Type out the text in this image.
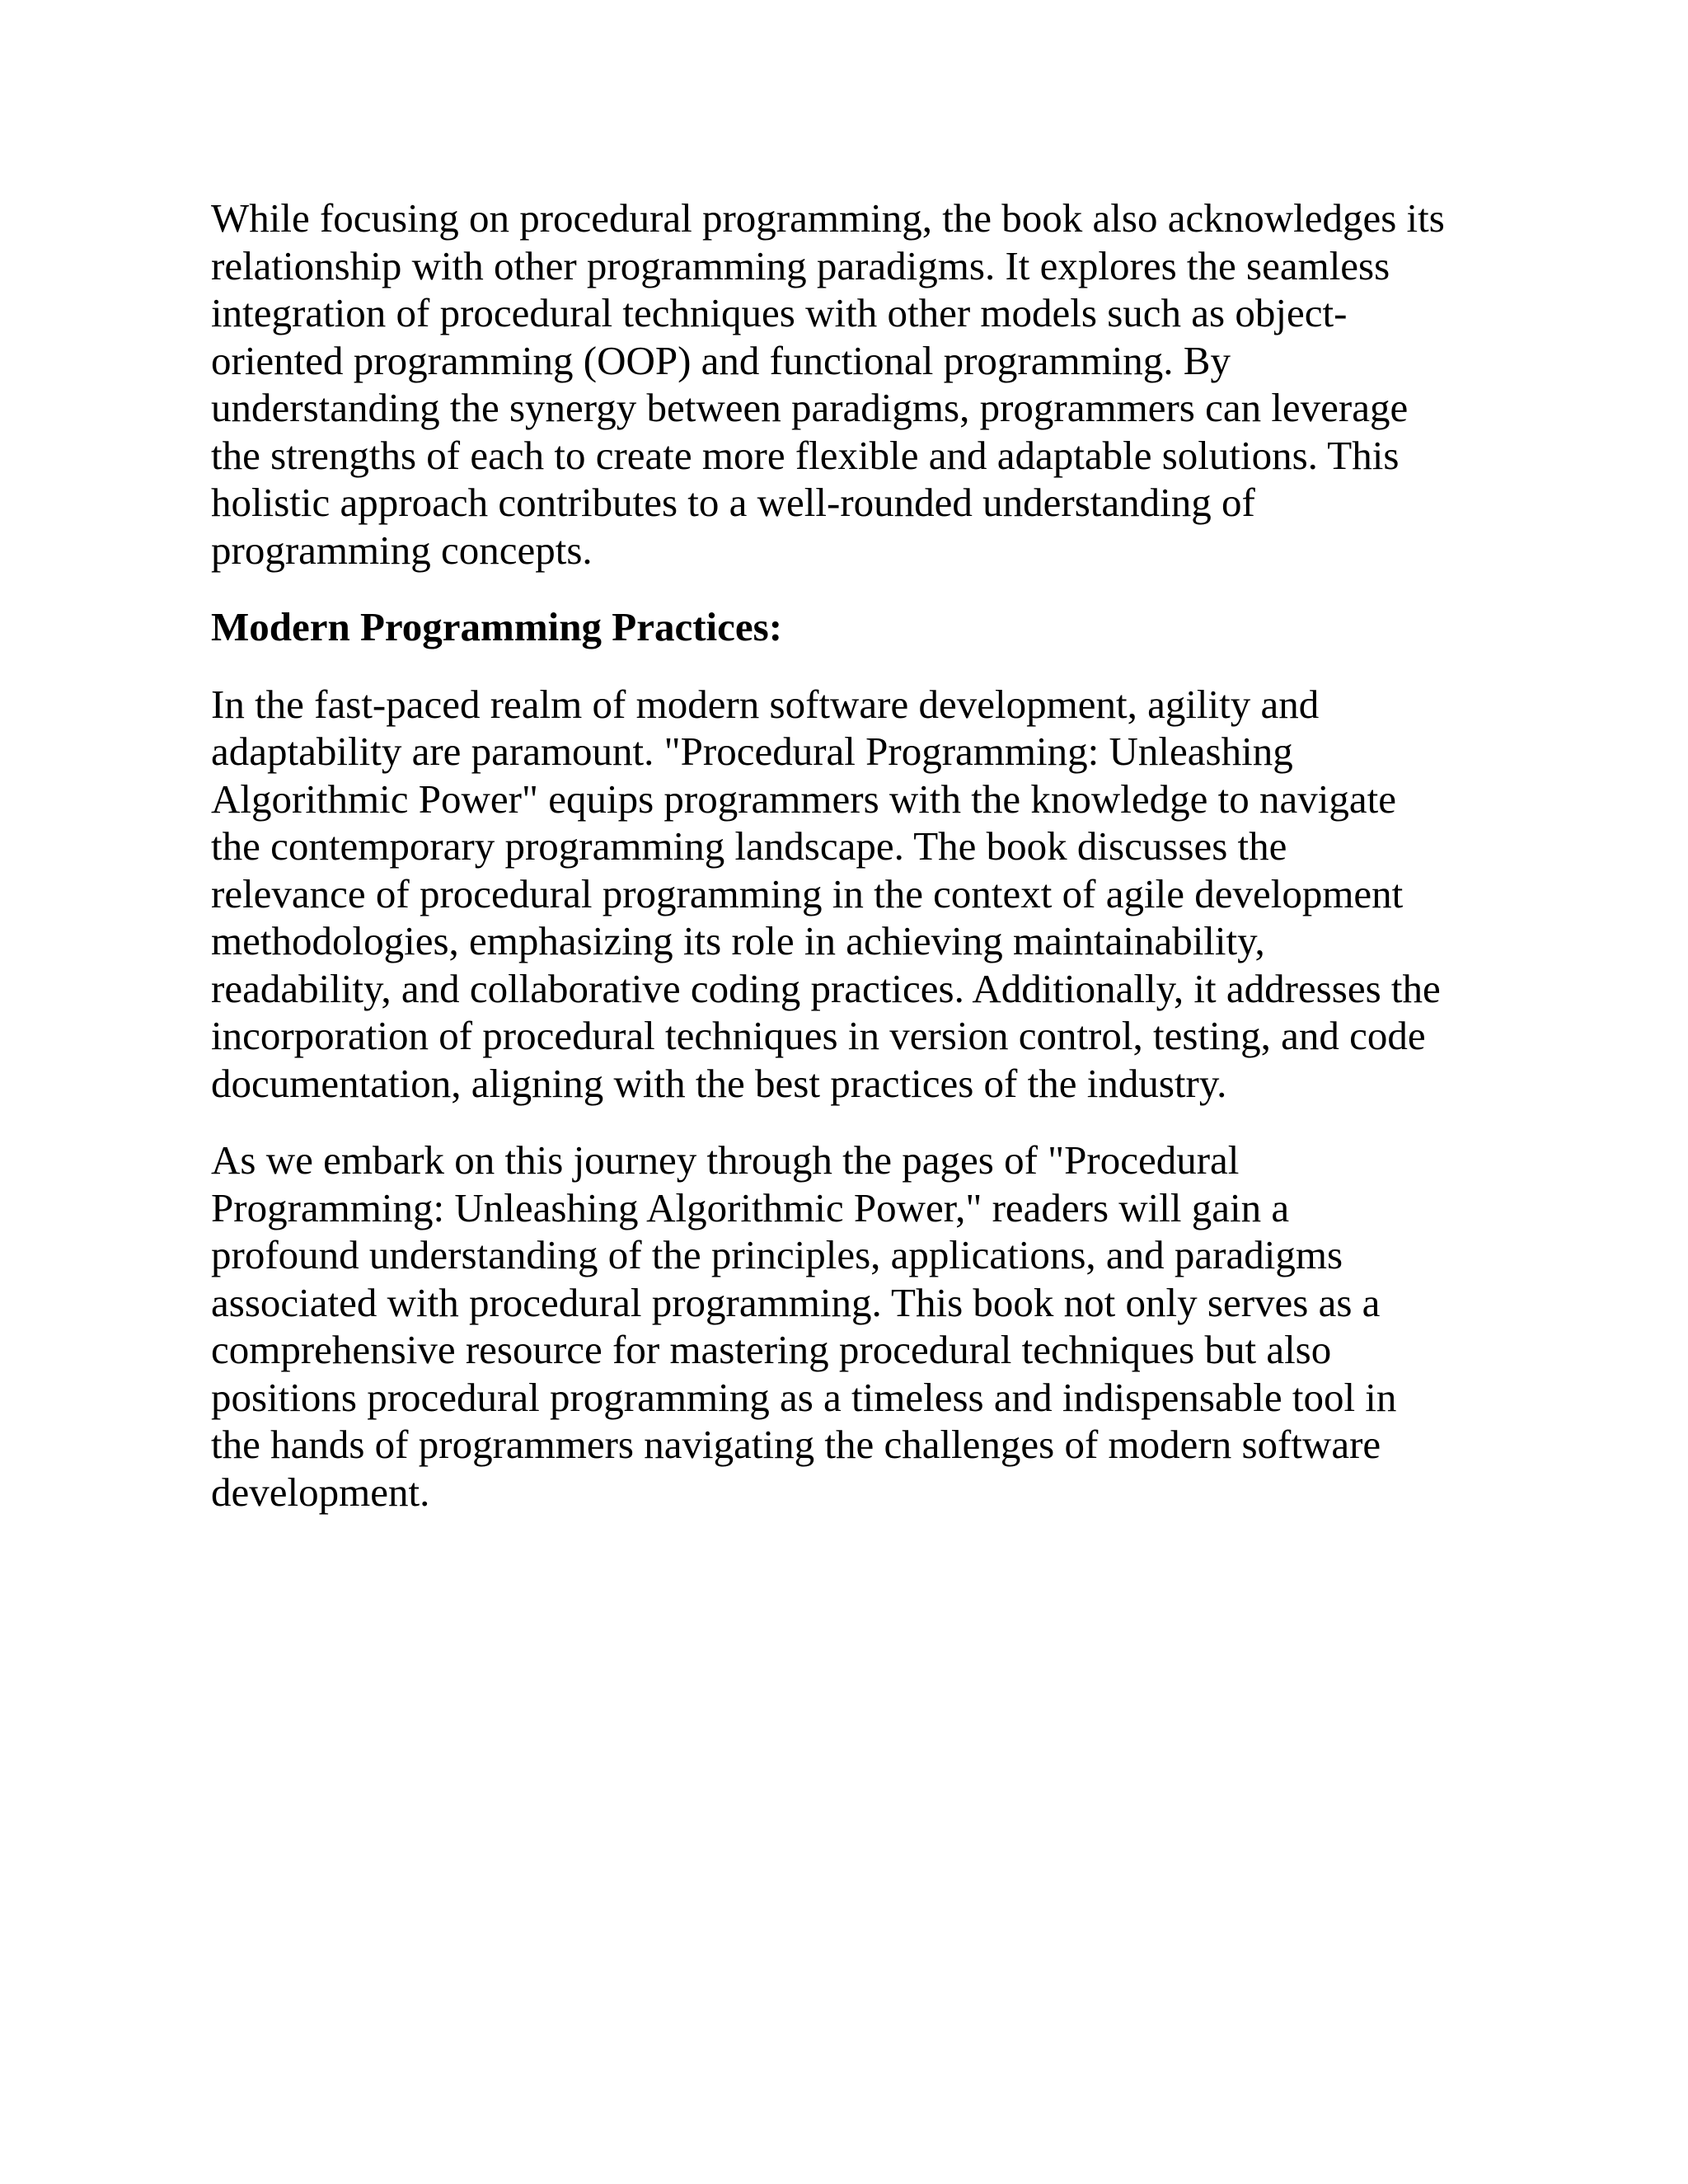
While focusing on procedural programming, the book also acknowledges its
relationship with other programming paradigms. It explores the seamless
integration of procedural techniques with other models such as object-
oriented programming (OOP) and functional programming. By
understanding the synergy between paradigms, programmers can leverage
the strengths of each to create more flexible and adaptable solutions. This
holistic approach contributes to a well-rounded understanding of
programming concepts.

Modern Programming Practices:

In the fast-paced realm of modern software development, agility and
adaptability are paramount. "Procedural Programming: Unleashing
Algorithmic Power" equips programmers with the knowledge to navigate
the contemporary programming landscape. The book discusses the
relevance of procedural programming in the context of agile development
methodologies, emphasizing its role in achieving maintainability,
readability, and collaborative coding practices. Additionally, it addresses the
incorporation of procedural techniques in version control, testing, and code
documentation, aligning with the best practices of the industry.

As we embark on this journey through the pages of "Procedural
Programming: Unleashing Algorithmic Power," readers will gain a
profound understanding of the principles, applications, and paradigms
associated with procedural programming. This book not only serves as a
comprehensive resource for mastering procedural techniques but also
positions procedural programming as a timeless and indispensable tool in
the hands of programmers navigating the challenges of modern software
development.
